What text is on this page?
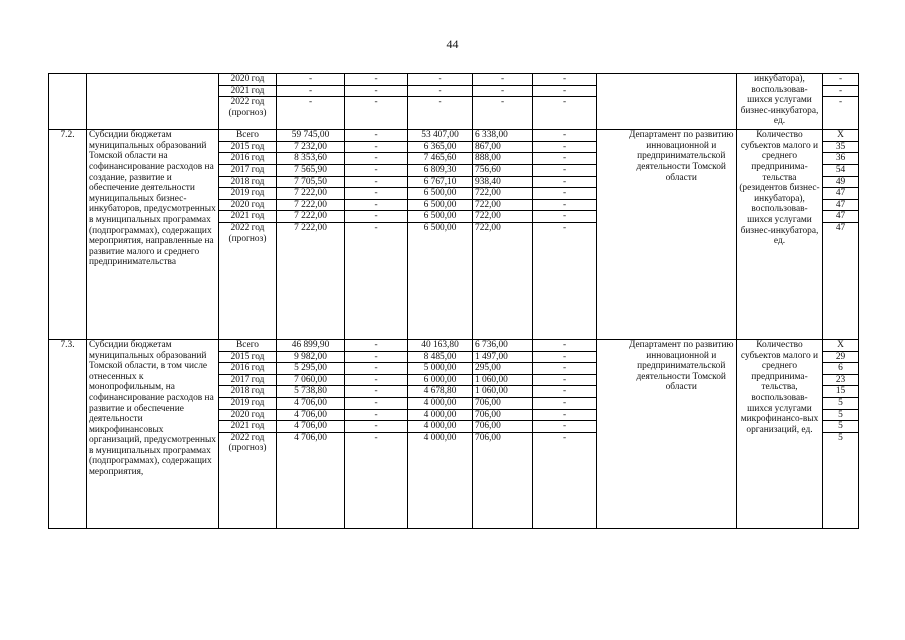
44
		2020 год	-	-	-	-	-			инкубатора), воспользовав-шихся услугами бизнес-инкубатора, ед.	-
		2021 год	-	-	-	-	-				-
		2022 год (прогноз)	-	-	-	-	-				-
7.2.	Субсидии бюджетам муниципальных образований Томской области на софинансирование расходов на создание, развитие и обеспечение деятельности муниципальных бизнес-инкубаторов, предусмотренных в муниципальных программах (подпрограммах), содержащих мероприятия, направленные на развитие малого и среднего предпринимательства	Всего	59 745,00	-	53 407,00	6 338,00	-		Департамент по развитию инновационной и предпринимательской деятельности Томской области	Количество субъектов малого и среднего предпринима-тельства (резидентов бизнес-инкубатора), воспользовав-шихся услугами бизнес-инкубатора, ед.	Х
		2015 год	7 232,00	-	6 365,00	867,00	-				35
		2016 год	8 353,60	-	7 465,60	888,00	-				36
		2017 год	7 565,90	-	6 809,30	756,60	-				54
		2018 год	7 705,50	-	6 767,10	938,40	-				49
		2019 год	7 222,00	-	6 500,00	722,00	-				47
		2020 год	7 222,00	-	6 500,00	722,00	-				47
		2021 год	7 222,00	-	6 500,00	722,00	-				47
		2022 год (прогноз)	7 222,00	-	6 500,00	722,00	-				47
7.3.	Субсидии бюджетам муниципальных образований Томской области, в том числе отнесенных к монопрофильным, на софинансирование расходов на развитие и обеспечение деятельности микрофинансовых организаций, предусмотренных в муниципальных программах (подпрограммах), содержащих мероприятия,	Всего	46 899,90	-	40 163,80	6 736,00	-		Департамент по развитию инновационной и предпринимательской деятельности Томской области	Количество субъектов малого и среднего предпринима-тельства, воспользовав-шихся услугами микрофинансо-вых организаций, ед.	Х
		2015 год	9 982,00	-	8 485,00	1 497,00	-				29
		2016 год	5 295,00	-	5 000,00	295,00	-				6
		2017 год	7 060,00	-	6 000,00	1 060,00	-				23
		2018 год	5 738,80	-	4 678,80	1 060,00	-				15
		2019 год	4 706,00	-	4 000,00	706,00	-				5
		2020 год	4 706,00	-	4 000,00	706,00	-				5
		2021 год	4 706,00	-	4 000,00	706,00	-				5
		2022 год (прогноз)	4 706,00	-	4 000,00	706,00	-				5
